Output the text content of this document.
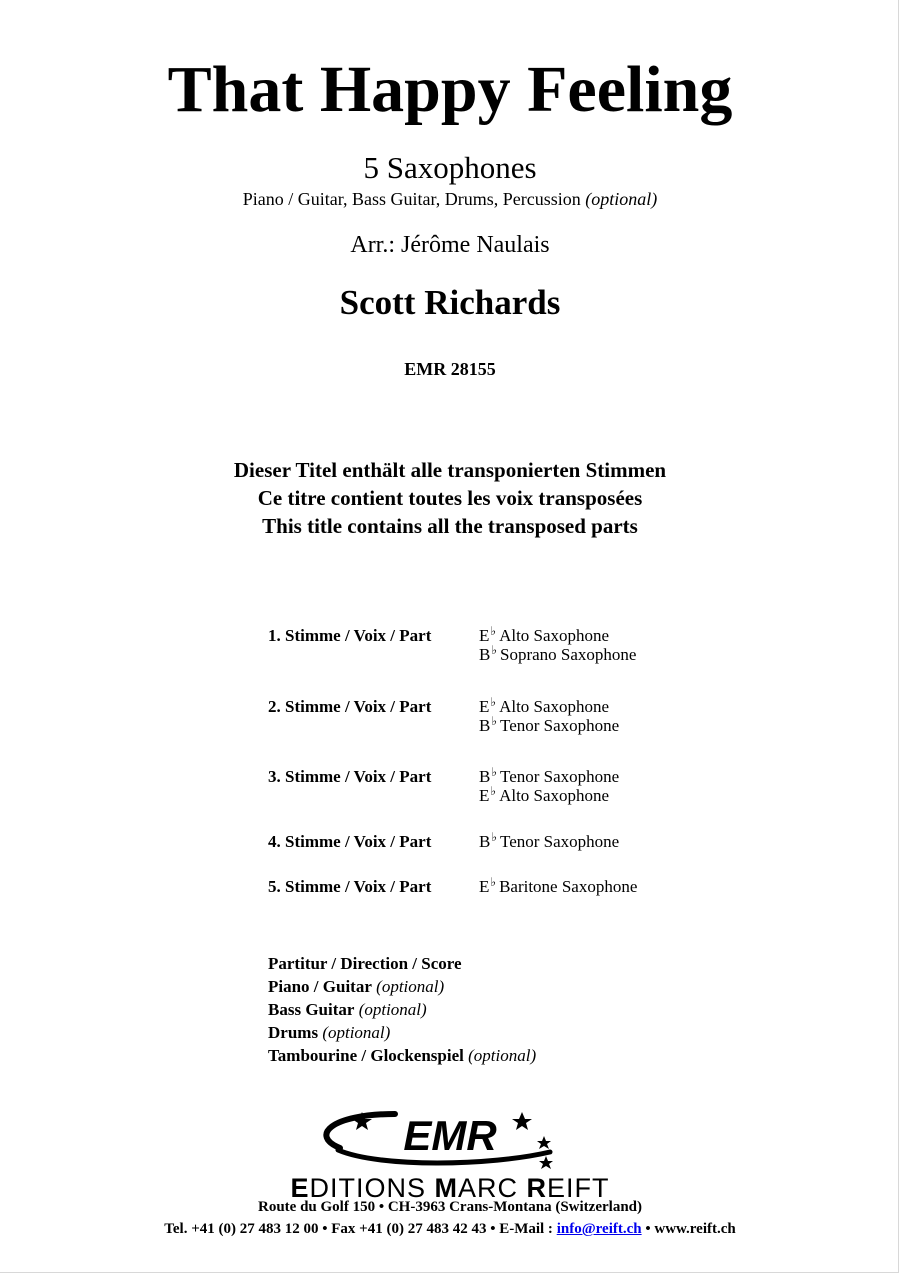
That Happy Feeling
5 Saxophones
Piano / Guitar, Bass Guitar, Drums, Percussion (optional)
Arr.: Jérôme Naulais
Scott Richards
EMR 28155
Dieser Titel enthält alle transponierten Stimmen
Ce titre contient toutes les voix transposées
This title contains all the transposed parts
1. Stimme / Voix / Part	E♭ Alto Saxophone
B♭ Soprano Saxophone
2. Stimme / Voix / Part	E♭ Alto Saxophone
B♭ Tenor Saxophone
3. Stimme / Voix / Part	B♭ Tenor Saxophone
E♭ Alto Saxophone
4. Stimme / Voix / Part	B♭ Tenor Saxophone
5. Stimme / Voix / Part	E♭ Baritone Saxophone
Partitur / Direction / Score
Piano / Guitar (optional)
Bass Guitar (optional)
Drums (optional)
Tambourine / Glockenspiel (optional)
EMR
EDITIONS MARC REIFT
Route du Golf 150 • CH-3963 Crans-Montana (Switzerland)
Tel. +41 (0) 27 483 12 00 • Fax +41 (0) 27 483 42 43 • E-Mail : info@reift.ch • www.reift.ch
